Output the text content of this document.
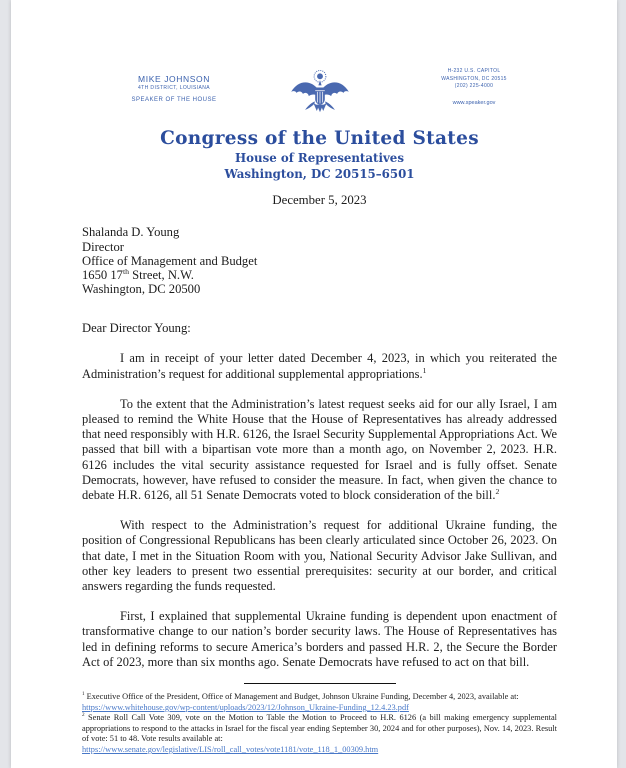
MIKE JOHNSON
4TH DISTRICT, LOUISIANA
SPEAKER OF THE HOUSE
H-232 U.S. CAPITOL
WASHINGTON, DC 20515
(202) 225-4000
www.speaker.gov
Congress of the United States
House of Representatives
Washington, DC 20515–6501
December 5, 2023
Shalanda D. Young
Director
Office of Management and Budget
1650 17th Street, N.W.
Washington, DC 20500
Dear Director Young:

I am in receipt of your letter dated December 4, 2023, in which you reiterated the Administration’s request for additional supplemental appropriations.$^1$

To the extent that the Administration’s latest request seeks aid for our ally Israel, I am pleased to remind the White House that the House of Representatives has already addressed that need responsibly with H.R. 6126, the Israel Security Supplemental Appropriations Act. We passed that bill with a bipartisan vote more than a month ago, on November 2, 2023. H.R. 6126 includes the vital security assistance requested for Israel and is fully offset. Senate Democrats, however, have refused to consider the measure. In fact, when given the chance to debate H.R. 6126, all 51 Senate Democrats voted to block consideration of the bill.$^2$

With respect to the Administration’s request for additional Ukraine funding, the position of Congressional Republicans has been clearly articulated since October 26, 2023. On that date, I met in the Situation Room with you, National Security Advisor Jake Sullivan, and other key leaders to present two essential prerequisites: security at our border, and critical answers regarding the funds requested.

First, I explained that supplemental Ukraine funding is dependent upon enactment of transformative change to our nation’s border security laws. The House of Representatives has led in defining reforms to secure America’s borders and passed H.R. 2, the Secure the Border Act of 2023, more than six months ago. Senate Democrats have refused to act on that bill.

$^1$ Executive Office of the President, Office of Management and Budget, Johnson Ukraine Funding, December 4, 2023, available at:
https://www.whitehouse.gov/wp-content/uploads/2023/12/Johnson_Ukraine-Funding_12.4.23.pdf

$^2$ Senate Roll Call Vote 309, vote on the Motion to Table the Motion to Proceed to H.R. 6126 (a bill making emergency supplemental appropriations to respond to the attacks in Israel for the fiscal year ending September 30, 2024 and for other purposes), Nov. 14, 2023. Result of vote: 51 to 48. Vote results available at:
https://www.senate.gov/legislative/LIS/roll_call_votes/vote1181/vote_118_1_00309.htm
